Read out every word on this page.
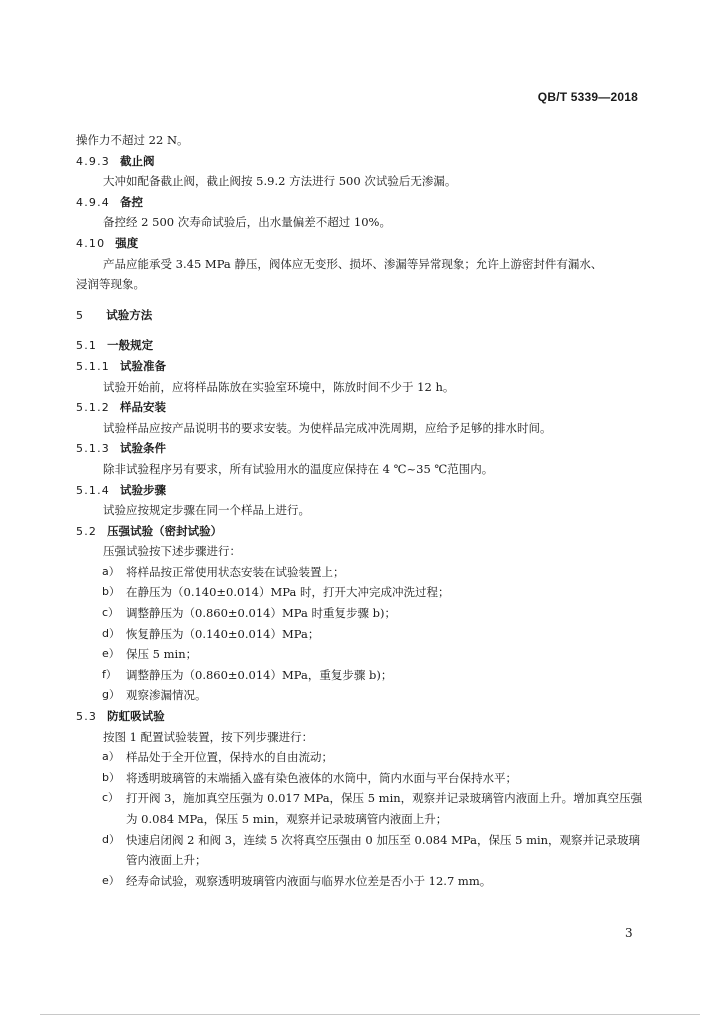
QB/T 5339—2018
操作力不超过 22 N。
4.9.3 截止阀
大冲如配备截止阀，截止阀按 5.9.2 方法进行 500 次试验后无渗漏。
4.9.4 备控
备控经 2 500 次寿命试验后，出水量偏差不超过 10%。
4.10 强度
产品应能承受 3.45 MPa 静压，阀体应无变形、损坏、渗漏等异常现象；允许上游密封件有漏水、
浸润等现象。
5 试验方法
5.1 一般规定
5.1.1 试验准备
试验开始前，应将样品陈放在实验室环境中，陈放时间不少于 12 h。
5.1.2 样品安装
试验样品应按产品说明书的要求安装。为使样品完成冲洗周期，应给予足够的排水时间。
5.1.3 试验条件
除非试验程序另有要求，所有试验用水的温度应保持在 4 ℃~35 ℃范围内。
5.1.4 试验步骤
试验应按规定步骤在同一个样品上进行。
5.2 压强试验（密封试验）
压强试验按下述步骤进行：
a） 将样品按正常使用状态安装在试验装置上；
b） 在静压为（0.140±0.014）MPa 时，打开大冲完成冲洗过程；
c） 调整静压为（0.860±0.014）MPa 时重复步骤 b)；
d） 恢复静压为（0.140±0.014）MPa；
e） 保压 5 min；
f） 调整静压为（0.860±0.014）MPa，重复步骤 b)；
g） 观察渗漏情况。
5.3 防虹吸试验
按图 1 配置试验装置，按下列步骤进行：
a） 样品处于全开位置，保持水的自由流动；
b） 将透明玻璃管的末端插入盛有染色液体的水筒中，筒内水面与平台保持水平；
c） 打开阀 3，施加真空压强为 0.017 MPa，保压 5 min，观察并记录玻璃管内液面上升。增加真空压强为 0.084 MPa，保压 5 min，观察并记录玻璃管内液面上升；
d） 快速启闭阀 2 和阀 3，连续 5 次将真空压强由 0 加压至 0.084 MPa，保压 5 min，观察并记录玻璃管内液面上升；
e） 经寿命试验，观察透明玻璃管内液面与临界水位差是否小于 12.7 mm。
3
